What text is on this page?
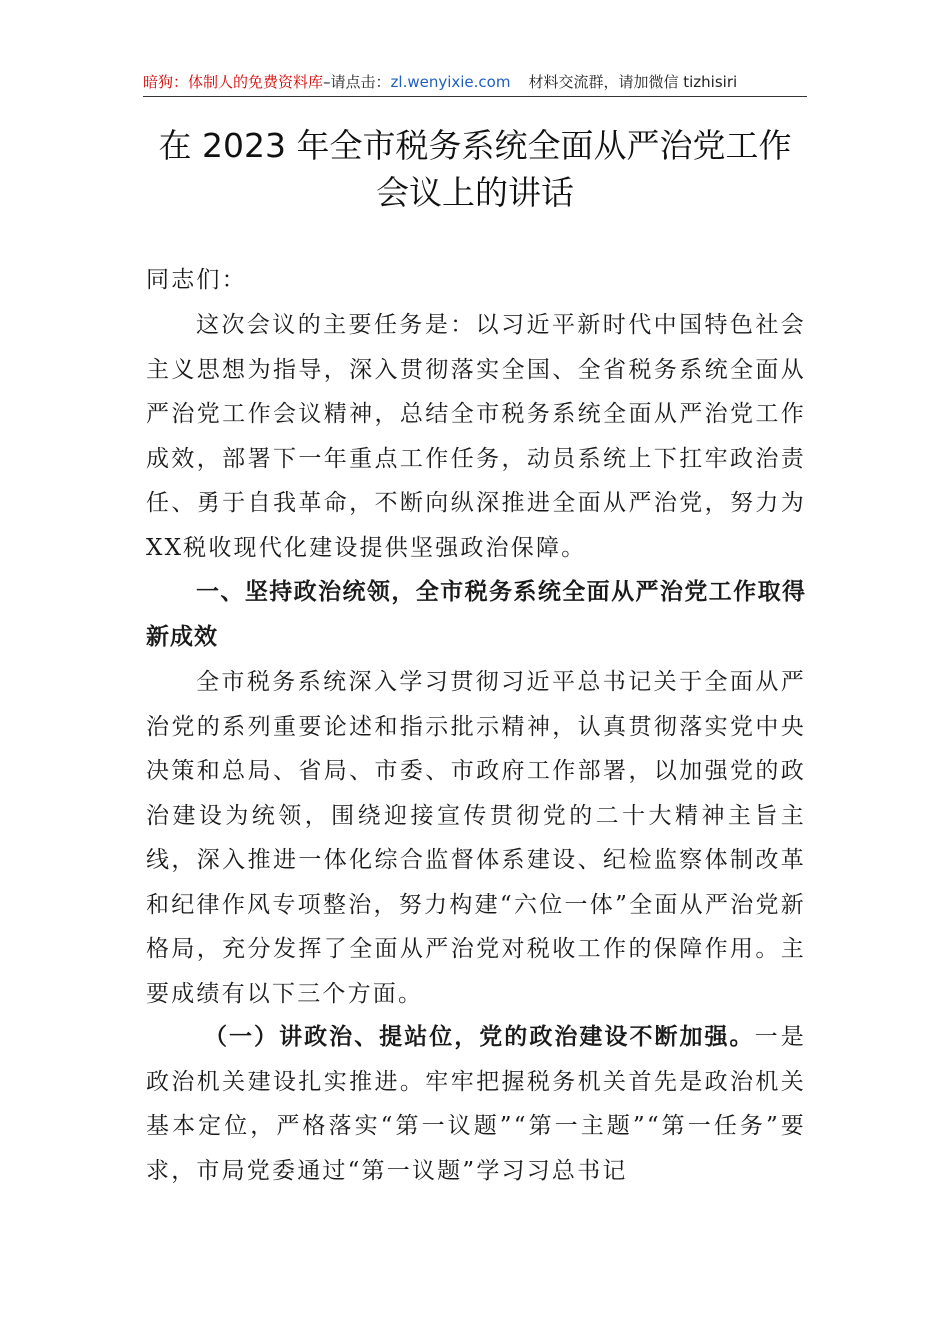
暗狗：体制人的免费资料库–请点击：zl.wenyixie.com 材料交流群，请加微信 tizhisiri
在 2023 年全市税务系统全面从严治党工作
会议上的讲话
同志们：
这次会议的主要任务是：以习近平新时代中国特色社会主义思想为指导，深入贯彻落实全国、全省税务系统全面从严治党工作会议精神，总结全市税务系统全面从严治党工作成效，部署下一年重点工作任务，动员系统上下扛牢政治责任、勇于自我革命，不断向纵深推进全面从严治党，努力为XX税收现代化建设提供坚强政治保障。
一、坚持政治统领，全市税务系统全面从严治党工作取得新成效
全市税务系统深入学习贯彻习近平总书记关于全面从严治党的系列重要论述和指示批示精神，认真贯彻落实党中央决策和总局、省局、市委、市政府工作部署，以加强党的政治建设为统领，围绕迎接宣传贯彻党的二十大精神主旨主线，深入推进一体化综合监督体系建设、纪检监察体制改革和纪律作风专项整治，努力构建“六位一体”全面从严治党新格局，充分发挥了全面从严治党对税收工作的保障作用。主要成绩有以下三个方面。
（一）讲政治、提站位，党的政治建设不断加强。一是政治机关建设扎实推进。牢牢把握税务机关首先是政治机关基本定位，严格落实“第一议题”“第一主题”“第一任务”要求，市局党委通过“第一议题”学习习总书记
